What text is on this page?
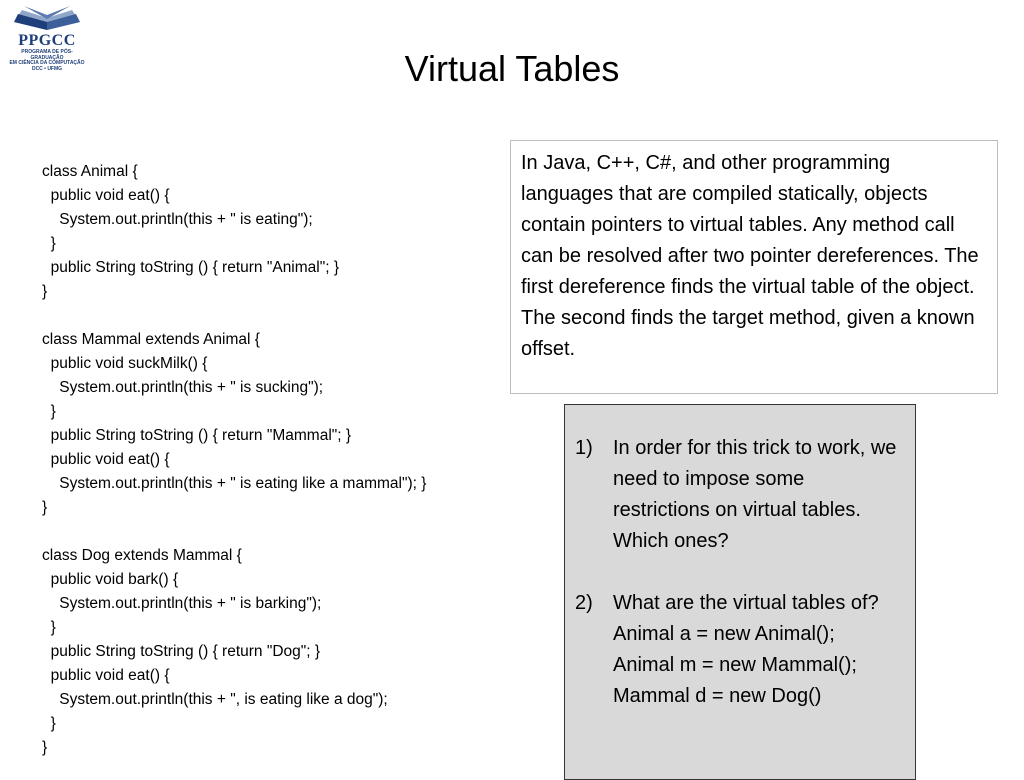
PPGCC
PROGRAMA DE PÓS-GRADUAÇÃO
EM CIÊNCIA DA COMPUTAÇÃO
DCC • UFMG	Virtual Tables
class Animal {
public void eat() {
System.out.println(this + " is eating");
}
public String toString () { return "Animal"; }
}
class Mammal extends Animal {
public void suckMilk() {
System.out.println(this + " is sucking");
}
public String toString () { return "Mammal"; }
public void eat() {
System.out.println(this + " is eating like a mammal"); }
}
class Dog extends Mammal {
public void bark() {
System.out.println(this + " is barking");
}
public String toString () { return "Dog"; }
public void eat() {
System.out.println(this + ", is eating like a dog");
}
}
In Java, C++, C#, and other programming languages that are compiled statically, objects contain pointers to virtual tables. Any method call can be resolved after two pointer dereferences. The first dereference finds the virtual table of the object. The second finds the target method, given a known offset.
1)	In order for this trick to work, we need to impose some restrictions on virtual tables. Which ones?
2)	What are the virtual tables of?
Animal a = new Animal();
Animal m = new Mammal();
Mammal d = new Dog()
